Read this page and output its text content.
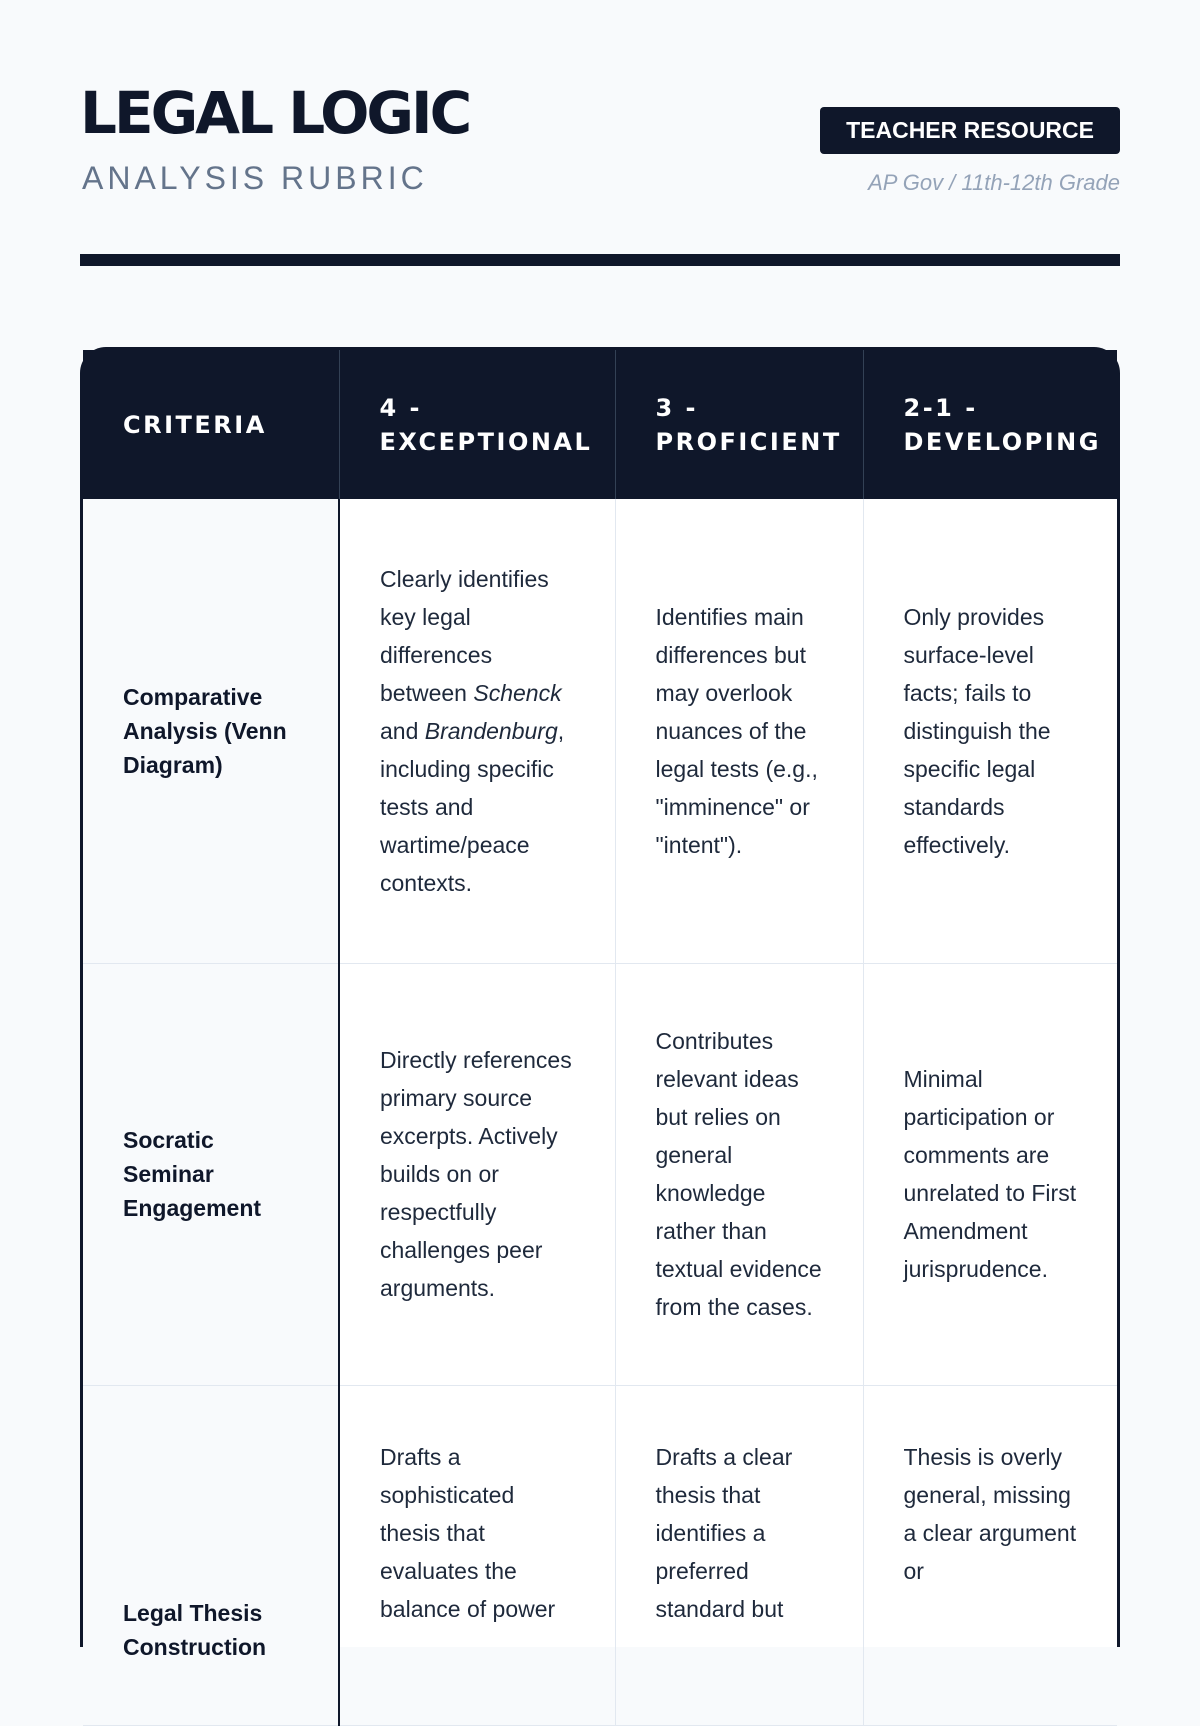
LEGAL LOGIC
ANALYSIS RUBRIC
TEACHER RESOURCE
AP Gov / 11th-12th Grade
CRITERIA	4 - EXCEPTIONAL	3 - PROFICIENT	2-1 - DEVELOPING
Comparative Analysis (Venn Diagram)	Clearly identifies key legal differences between Schenck and Brandenburg, including specific tests and wartime/peace contexts.	Identifies main differences but may overlook nuances of the legal tests (e.g., "imminence" or "intent").	Only provides surface-level facts; fails to distinguish the specific legal standards effectively.
Socratic Seminar Engagement	Directly references primary source excerpts. Actively builds on or respectfully challenges peer arguments.	Contributes relevant ideas but relies on general knowledge rather than textual evidence from the cases.	Minimal participation or comments are unrelated to First Amendment jurisprudence.
Legal Thesis Construction	Drafts a sophisticated thesis that evaluates the balance of power	Drafts a clear thesis that identifies a preferred standard but	Thesis is overly general, missing a clear argument or
